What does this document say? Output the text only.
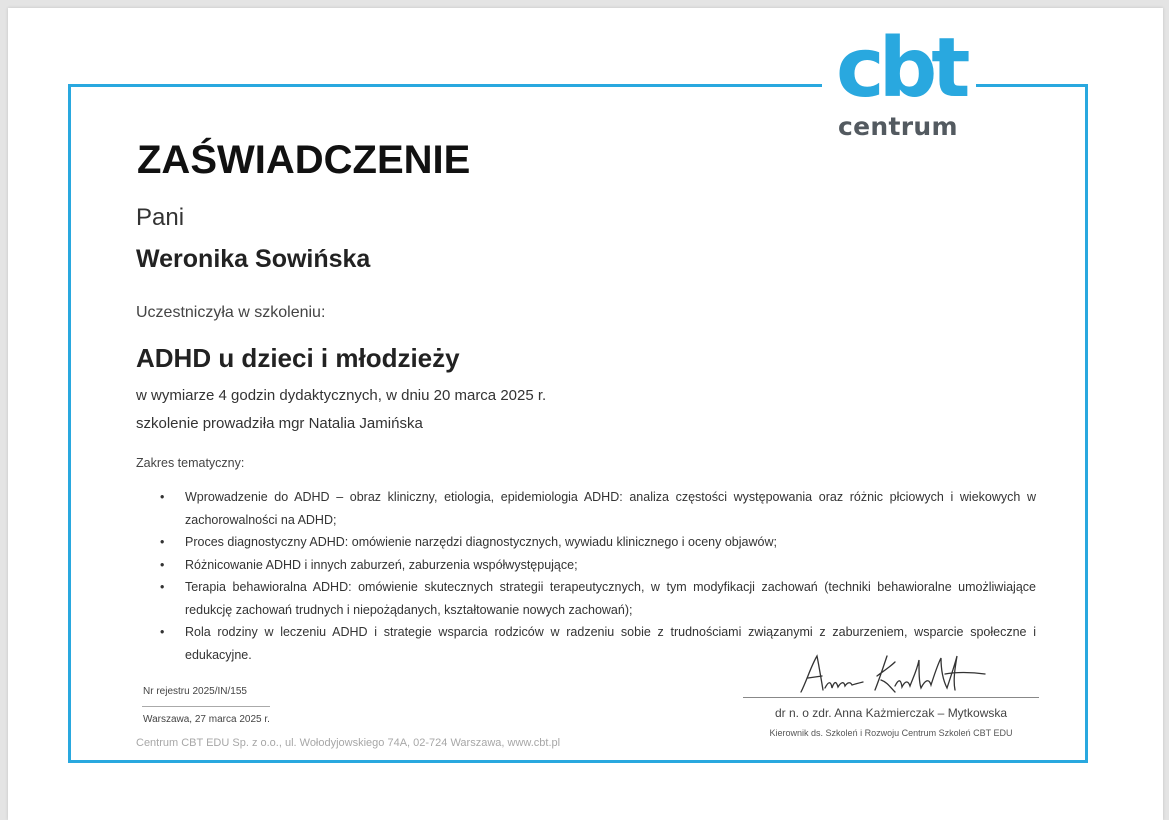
cbt
centrum
ZAŚWIADCZENIE
Pani
Weronika Sowińska
Uczestniczyła w szkoleniu:
ADHD u dzieci i młodzieży
w wymiarze 4 godzin dydaktycznych, w dniu 20 marca 2025 r.
szkolenie prowadziła mgr Natalia Jamińska
Zakres tematyczny:
• Wprowadzenie do ADHD – obraz kliniczny, etiologia, epidemiologia ADHD: analiza częstości występowania oraz różnic płciowych i wiekowych w zachorowalności na ADHD;
• Proces diagnostyczny ADHD: omówienie narzędzi diagnostycznych, wywiadu klinicznego i oceny objawów;
• Różnicowanie ADHD i innych zaburzeń, zaburzenia współwystępujące;
• Terapia behawioralna ADHD: omówienie skutecznych strategii terapeutycznych, w tym modyfikacji zachowań (techniki behawioralne umożliwiające redukcję zachowań trudnych i niepożądanych, kształtowanie nowych zachowań);
• Rola rodziny w leczeniu ADHD i strategie wsparcia rodziców w radzeniu sobie z trudnościami związanymi z zaburzeniem, wsparcie społeczne i edukacyjne.
Nr rejestru 2025/IN/155
Warszawa, 27 marca 2025 r.
Centrum CBT EDU Sp. z o.o., ul. Wołodyjowskiego 74A, 02-724 Warszawa, www.cbt.pl
dr n. o zdr. Anna Każmierczak – Mytkowska
Kierownik ds. Szkoleń i Rozwoju Centrum Szkoleń CBT EDU
